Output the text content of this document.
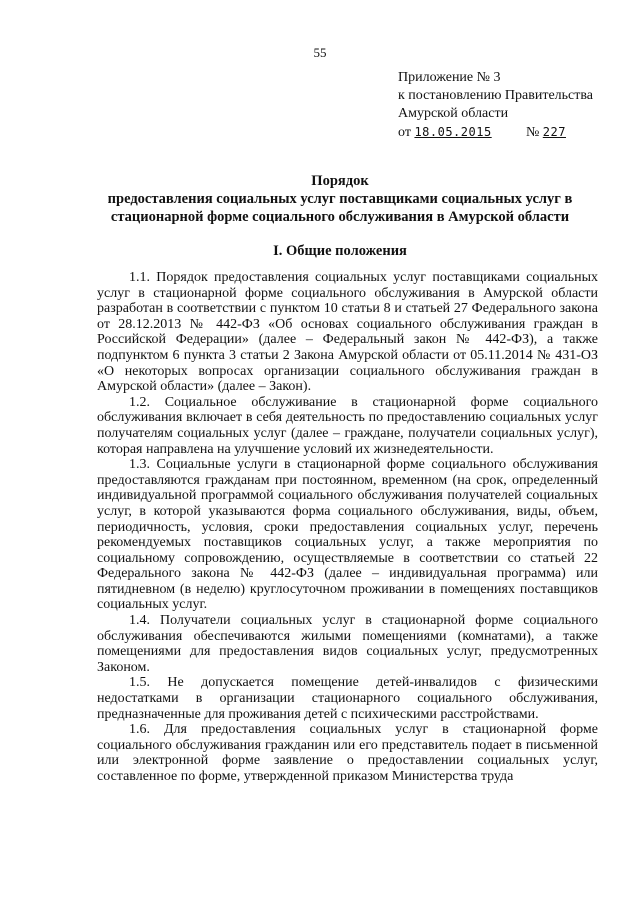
55
Приложение № 3
к постановлению Правительства
Амурской области
от 18.05.2015 № 227
Порядок
предоставления социальных услуг поставщиками социальных услуг в
стационарной форме социального обслуживания в Амурской области
I. Общие положения

1.1. Порядок предоставления социальных услуг поставщиками социальных услуг в стационарной форме социального обслуживания в Амурской области разработан в соответствии с пунктом 10 статьи 8 и статьей 27 Федерального закона от 28.12.2013 № 442-ФЗ «Об основах социального обслуживания граждан в Российской Федерации» (далее – Федеральный закон № 442-ФЗ), а также подпунктом 6 пункта 3 статьи 2 Закона Амурской области от 05.11.2014 № 431-ОЗ «О некоторых вопросах организации социального обслуживания граждан в Амурской области» (далее – Закон).

1.2. Социальное обслуживание в стационарной форме социального обслуживания включает в себя деятельность по предоставлению социальных услуг получателям социальных услуг (далее – граждане, получатели социальных услуг), которая направлена на улучшение условий их жизнедеятельности.

1.3. Социальные услуги в стационарной форме социального обслуживания предоставляются гражданам при постоянном, временном (на срок, определенный индивидуальной программой социального обслуживания получателей социальных услуг, в которой указываются форма социального обслуживания, виды, объем, периодичность, условия, сроки предоставления социальных услуг, перечень рекомендуемых поставщиков социальных услуг, а также мероприятия по социальному сопровождению, осуществляемые в соответствии со статьей 22 Федерального закона № 442-ФЗ (далее – индивидуальная программа) или пятидневном (в неделю) круглосуточном проживании в помещениях поставщиков социальных услуг.

1.4. Получатели социальных услуг в стационарной форме социального обслуживания обеспечиваются жилыми помещениями (комнатами), а также помещениями для предоставления видов социальных услуг, предусмотренных Законом.

1.5. Не допускается помещение детей-инвалидов с физическими недостатками в организации стационарного социального обслуживания, предназначенные для проживания детей с психическими расстройствами.

1.6. Для предоставления социальных услуг в стационарной форме социального обслуживания гражданин или его представитель подает в письменной или электронной форме заявление о предоставлении социальных услуг, составленное по форме, утвержденной приказом Министерства труда
